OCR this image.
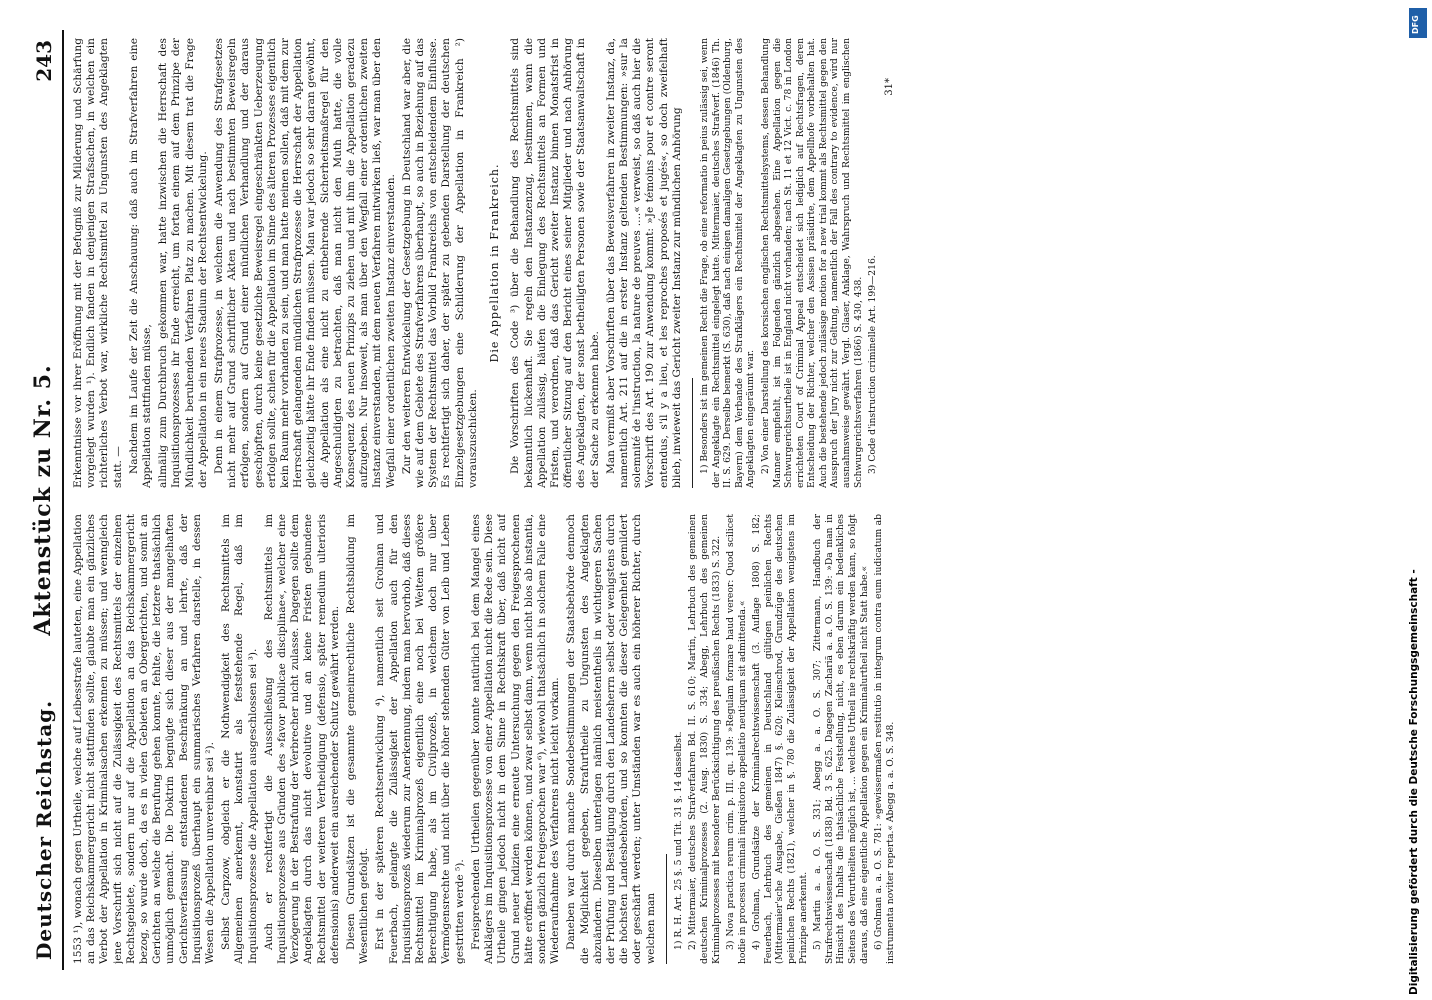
Deutscher Reichstag.
Aktenstück zu Nr. 5.
243

1553 ¹), wonach gegen Urtheile, welche auf Leibesstrafe lauteten, eine Appellation an das Reichskammergericht nicht stattfinden sollte, glaubte man ein gänzliches Verbot der Appellation in Kriminalsachen erkennen zu müssen; und wenngleich jene Vorschrift sich nicht auf die Zulässigkeit des Rechtsmittels der einzelnen Rechtsgebiete, sondern nur auf die Appellation an das Reichskammergericht bezog, so wurde doch, da es in vielen Gebieten an Obergerichten, und somit an Gerichten an welche die Berufung gehen konnte, fehlte, die letztere thatsächlich unmöglich gemacht. Die Doktrin begnügte sich dieser aus der mangelhaften Gerichtsverfassung entstandenen Beschränkung an und lehrte, daß der Inquisitionsprozeß überhaupt ein summarisches Verfahren darstelle, in dessen Wesen die Appellation unvereinbar sei ²). Selbst Carpzow, obgleich er die Nothwendigkeit des Rechtsmittels im Allgemeinen anerkennt, konstatirt als feststehende Regel, daß im Inquisitionsprozesse die Appellation ausgeschlossen sei ³). Auch er rechtfertigt die Ausschließung des Rechtsmittels im Inquisitionsprozesse aus Gründen des »favor publicae disciplinae«, welcher eine Verzögerung in der Bestrafung der Verbrecher nicht zulasse. Dagegen sollte dem Angeklagten durch das nicht devolutive und an keine Fristen gebundene Rechtsmittel der weiteren Vertheidigung (defensio, später remedium ulterioris defensionis) anderweit ein ausreichender Schutz gewährt werden. Diesen Grundsätzen ist die gesammte gemeinrechtliche Rechtsbildung im Wesentlichen gefolgt. Erst in der späteren Rechtsentwicklung ⁴), namentlich seit Grolman und Feuerbach, gelangte die Zulässigkeit der Appellation auch für den Inquisitionsprozeß wiederum zur Anerkennung, indem man hervorhob, daß dieses Rechtsmittel im Kriminalprozeß eigentlich eine noch bei Weitem größere Berechtigung habe, als im Civilprozeß, in welchem doch nur über Vermögensrechte und nicht über die höher stehenden Güter von Leib und Leben gestritten werde ⁵). Freisprechenden Urtheilen gegenüber konnte natürlich bei dem Mangel eines Anklägers im Inquisitionsprozesse von einer Appellation nicht die Rede sein. Diese Urtheile gingen jedoch nicht in dem Sinne in Rechtskraft über, daß nicht auf Grund neuer Indizien eine erneute Untersuchung gegen den Freigesprochenen hätte eröffnet werden können, und zwar selbst dann, wenn nicht blos ab instantia, sondern gänzlich freigesprochen war ⁶), wiewohl thatsächlich in solchem Falle eine Wiederaufnahme des Verfahrens nicht leicht vorkam. Daneben war durch manche Sondebestimmungen der Staatsbehörde dennoch die Möglichkeit gegeben, Strafurtheile zu Ungunsten des Angeklagten abzuändern. Dieselben unterlagen nämlich meistentheils in wichtigeren Sachen der Prüfung und Bestätigung durch den Landesherrn selbst oder wenigstens durch die höchsten Landesbehörden, und so konnten die dieser Gelegenheit gemildert oder geschärft werden; unter Umständen war es auch ein höherer Richter, durch welchen man 1) R. H. Art. 25 §. 5 und Tit. 31 §. 14 dasselbst. 2) Mittermaier, deutsches Strafverfahren Bd. II. S. 610; Martin, Lehrbuch des gemeinen deutschen Kriminalprozesses (2. Ausg. 1830) S. 334; Abegg, Lehrbuch des gemeinen Kriminalprozesses mit besonderer Berücksichtigung des preußischen Rechts (1833) S. 322. 3) Nova practica rerum crim. p. III. qu. 139: »Regulam formare haud vereor: Quod scilicet hodie in processu criminali inquisitorio appellatio neutiquam sit admittenda.« 4) Grolman, Grundsätze der Kriminalrechtswissenschaft (3. Auflage 1808) S. 182; Feuerbach, Lehrbuch des gemeinen in Deutschland gültigen peinlichen Rechts (Mittermaier'sche Ausgabe, Gießen 1847) §. 620; Kleinschrod, Grundzüge des deutschen peinlichen Rechts (1821), welcher in §. 780 die Zulässigkeit der Appellation wenigstens im Prinzipe anerkennt. 5) Martin a. a. O. S. 331; Abegg a. a. O. S. 307; Zittermann, Handbuch der Strafrechtswissenschaft (1838) Bd. 3 S. 625. Dagegen Zachariä a. a. O. S. 139: »Da man in Hinsicht des Inhalts die thatsächliche Feststellung, nicht, es eben darum ein bedenkliches Seitens des Verurtheilten möglich ist, ... welches Urtheil nie rechtskräftig werden kann, so folgt daraus, daß eine eigentliche Appellation gegen ein Kriminalurtheil nicht Statt habe.« 6) Grolman a. a. O. S. 781: »gewissermaßen restitutio in integrum contra eum iudicatum ab instrumenta noviter reperta.« Abegg a. a. O. S. 348.

Erkenntnisse vor ihrer Eröffnung mit der Befugniß zur Milderung und Schärfung vorgelegt wurden ¹). Endlich fanden in denjenigen Strafsachen, in welchen ein richterliches Verbot war, wirkliche Rechtsmittel zu Ungunsten des Angeklagten statt. — Nachdem im Laufe der Zeit die Anschauung: daß auch im Strafverfahren eine Appellation stattfinden müsse, allmälig zum Durchbruch gekommen war, hatte inzwischen die Herrschaft des Inquisitionsprozesses ihr Ende erreicht, um fortan einem auf dem Prinzipe der Mündlichkeit beruhenden Verfahren Platz zu machen. Mit diesem trat die Frage der Appellation in ein neues Stadium der Rechtsentwickelung. Denn in einem Strafprozesse, in welchem die Anwendung des Strafgesetzes nicht mehr auf Grund schriftlicher Akten und nach bestimmten Beweisregeln erfolgen, sondern auf Grund einer mündlichen Verhandlung und der daraus geschöpften, durch keine gesetzliche Beweisregel eingeschränkten Ueberzeugung erfolgen sollte, schien für die Appellation im Sinne des älteren Prozesses eigentlich kein Raum mehr vorhanden zu sein, und man hatte meinen sollen, daß mit dem zur Herrschaft gelangenden mündlichen Strafprozesse die Herrschaft der Appellation gleichzeitig hätte ihr Ende finden müssen. Man war jedoch so sehr daran gewöhnt, die Appellation als eine nicht zu entbehrende Sicherheitsmaßregel für den Angeschuldigten zu betrachten, daß man nicht den Muth hatte, die volle Konsequenz des neuen Prinzips zu ziehen und mit ihm die Appellation geradezu aufzugeben. Nur insoweit, als man über den Wegfall einer ordentlichen zweiten Instanz einverstanden, mit dem neuen Verfahren mitwirken ließ, war man über den Wegfall einer ordentlichen zweiten Instanz einverstanden. Zur den weiteren Entwickelung der Gesetzgebung in Deutschland war aber, die wie auf dem Gebiete des Strafverfahrens überhaupt, so auch in Beziehung auf das System der Rechtsmittel das Vorbild Frankreichs von entscheidendem Einflusse. Es rechtfertigt sich daher, der später zu gebenden Darstellung der deutschen Einzelgesetzgebungen eine Schilderung der Appellation in Frankreich ²) vorauszuschicken.

Die Appellation in Frankreich. Die Vorschriften des Code ³) über die Behandlung des Rechtsmittels sind bekanntlich lückenhaft. Sie regeln den Instanzenzug, bestimmen, wann die Appellation zulässig, häufen die Einlegung des Rechtsmittels an Formen und Fristen, und verordnen, daß das Gericht zweiter Instanz binnen Monatsfrist in öffentlicher Sitzung auf den Bericht eines seiner Mitglieder und nach Anhörung des Angeklagten, der sonst betheiligten Personen sowie der Staatsanwaltschaft in der Sache zu erkennen habe. Man vermißt aber Vorschriften über das Beweisverfahren in zweiter Instanz, da, namentlich Art. 211 auf die in erster Instanz geltenden Bestimmungen: »sur la solemnité de l'instruction, la nature de preuves ....« verweist, so daß auch hier die Vorschrift des Art. 190 zur Anwendung kommt: »Je témoins pour et contre seront entendus, s'il y a lieu, et les reproches proposés et jugés«, so doch zweifelhaft blieb, inwieweit das Gericht zweiter Instanz zur mündlichen Anhörung 1) Besonders ist im gemeinen Recht die Frage, ob eine reformatio in peius zulässig sei, wenn der Angeklagte ein Rechtsmittel eingelegt hatte. Mittermaier, deutsches Strafverf. (1846) Th. II. S. 629. Derselbe bemerkt (S. 630), daß nach einigen damaligen Gesetzgebungen (Oldenburg, Bayern) dem Verbande des Strafklägers ein Rechtsmittel der Angeklagten zu Ungunsten des Angeklagten eingeräumt war. 2) Von einer Darstellung des korsischen englischen Rechtsmittelsystems, dessen Behandlung Manner empfiehlt, ist im Folgenden gänzlich abgesehen. Eine Appellation gegen die Schwurgerichtsurtheile ist in England nicht vorhanden; nach St. 11 et 12 Vict. c. 78 in London errichteten Court of Criminal Appeal entscheidet sich lediglich auf Rechtsfragen, deren Entscheidung der Richter, welcher den Assisen präsidirte, dem Appellhofe vorbehalten hat. Auch die bestehende jedoch zulässige motion for a new trial kommt als Rechtsmittel gegen den Ausspruch der Jury nicht zur Geltung, namentlich der Fall des contrary to evidence, wird nur ausnahmsweise gewährt. Vergl. Glaser, Anklage, Wahrspruch und Rechtsmittel im englischen Schwurgerichtsverfahren (1866) S. 430, 438. 3) Code d'instruction criminelle Art. 199—216.

31*
Digitalisierung gefördert durch die Deutsche Forschungsgemeinschaft -
DFG
